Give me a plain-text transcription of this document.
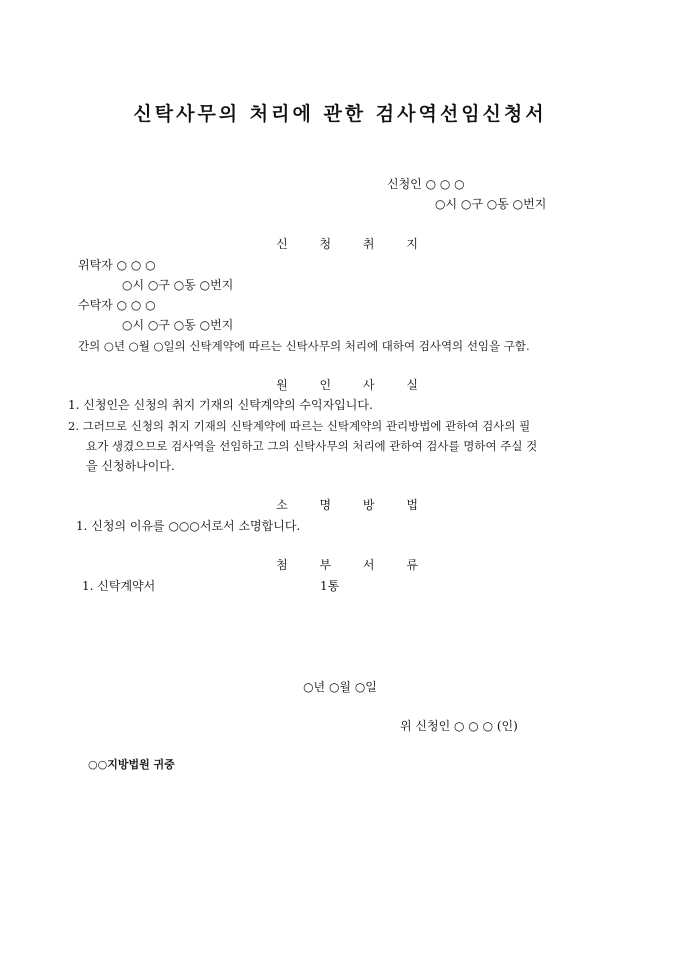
신탁사무의 처리에 관한 검사역선임신청서
신청인 ○ ○ ○
○시 ○구 ○동 ○번지
신 청 취 지
위탁자 ○ ○ ○
○시 ○구 ○동 ○번지
수탁자 ○ ○ ○
○시 ○구 ○동 ○번지
간의 ○년 ○월 ○일의 신탁계약에 따르는 신탁사무의 처리에 대하여 검사역의 선임을 구함.
원 인 사 실
1. 신청인은 신청의 취지 기재의 신탁계약의 수익자입니다.
2. 그러므로 신청의 취지 기재의 신탁계약에 따르는 신탁계약의 관리방법에 관하여 검사의 필
요가 생겼으므로 검사역을 선임하고 그의 신탁사무의 처리에 관하여 검사를 명하여 주실 것
을 신청하나이다.
소 명 방 법
1. 신청의 이유를 ○○○서로서 소명합니다.
첨 부 서 류
1. 신탁계약서	1통
○년 ○월 ○일
위 신청인 ○ ○ ○ (인)
○○지방법원 귀중
